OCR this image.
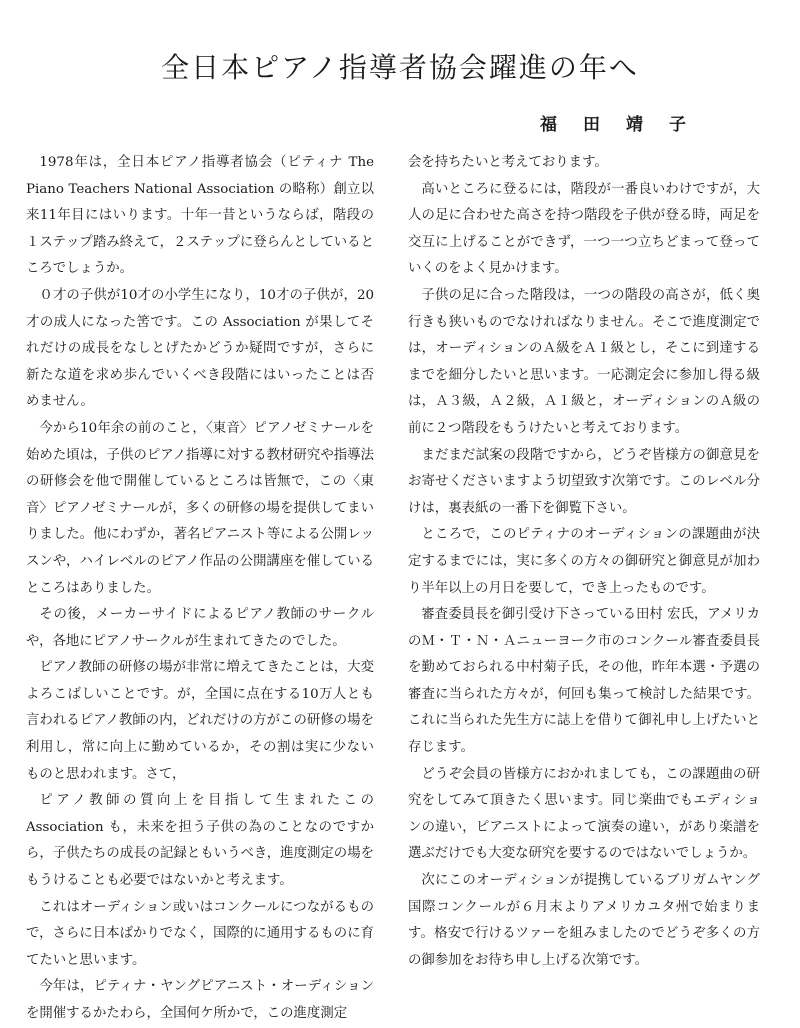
全日本ピアノ指導者協会躍進の年へ
福田靖子

1978年は，全日本ピアノ指導者協会（ピティナ The Piano Teachers National Association の略称）創立以来11年目にはいります。十年一昔というならば，階段の１ステップ踏み終えて，２ステップに登らんとしているところでしょうか。

０才の子供が10才の小学生になり，10才の子供が，20才の成人になった筈です。この Association が果してそれだけの成長をなしとげたかどうか疑問ですが，さらに新たな道を求め歩んでいくべき段階にはいったことは否めません。

今から10年余の前のこと，〈東音〉ピアノゼミナールを始めた頃は，子供のピアノ指導に対する教材研究や指導法の研修会を他で開催しているところは皆無で，この〈東音〉ピアノゼミナールが，多くの研修の場を提供してまいりました。他にわずか，著名ピアニスト等による公開レッスンや，ハイレベルのピアノ作品の公開講座を催しているところはありました。

その後，メーカーサイドによるピアノ教師のサークルや，各地にピアノサークルが生まれてきたのでした。

ピアノ教師の研修の場が非常に増えてきたことは，大変よろこばしいことです。が，全国に点在する10万人とも言われるピアノ教師の内，どれだけの方がこの研修の場を利用し，常に向上に勤めているか，その割は実に少ないものと思われます。さて，

ピアノ教師の質向上を目指して生まれたこの Association も，未来を担う子供の為のことなのですから，子供たちの成長の記録ともいうべき，進度測定の場をもうけることも必要ではないかと考えます。

これはオーディション或いはコンクールにつながるもので，さらに日本ばかりでなく，国際的に通用するものに育てたいと思います。

今年は，ピティナ・ヤングピアニスト・オーディションを開催するかたわら，全国何ケ所かで，この進度測定

会を持ちたいと考えております。

高いところに登るには，階段が一番良いわけですが，大人の足に合わせた高さを持つ階段を子供が登る時，両足を交互に上げることができず，一つ一つ立ちどまって登っていくのをよく見かけます。

子供の足に合った階段は，一つの階段の高さが，低く奥行きも狭いものでなければなりません。そこで進度測定では，オーディションのＡ級をＡ１級とし，そこに到達するまでを細分したいと思います。一応測定会に参加し得る級は，Ａ３級，Ａ２級，Ａ１級と，オーディションのＡ級の前に２つ階段をもうけたいと考えております。

まだまだ試案の段階ですから，どうぞ皆様方の御意見をお寄せくださいますよう切望致す次第です。このレベル分けは，裏表紙の一番下を御覧下さい。

ところで，このピティナのオーディションの課題曲が決定するまでには，実に多くの方々の御研究と御意見が加わり半年以上の月日を要して，でき上ったものです。

審査委員長を御引受け下さっている田村 宏氏，アメリカのＭ・Ｔ・Ｎ・Ａニューヨーク市のコンクール審査委員長を勤めておられる中村菊子氏，その他，昨年本選・予選の審査に当られた方々が，何回も集って検討した結果です。これに当られた先生方に誌上を借りて御礼申し上げたいと存じます。

どうぞ会員の皆様方におかれましても，この課題曲の研究をしてみて頂きたく思います。同じ楽曲でもエディションの違い，ピアニストによって演奏の違い，があり楽譜を選ぶだけでも大変な研究を要するのではないでしょうか。

次にこのオーディションが提携しているブリガムヤング国際コンクールが６月末よりアメリカユタ州で始まります。格安で行けるツァーを組みましたのでどうぞ多くの方の御参加をお待ち申し上げる次第です。
